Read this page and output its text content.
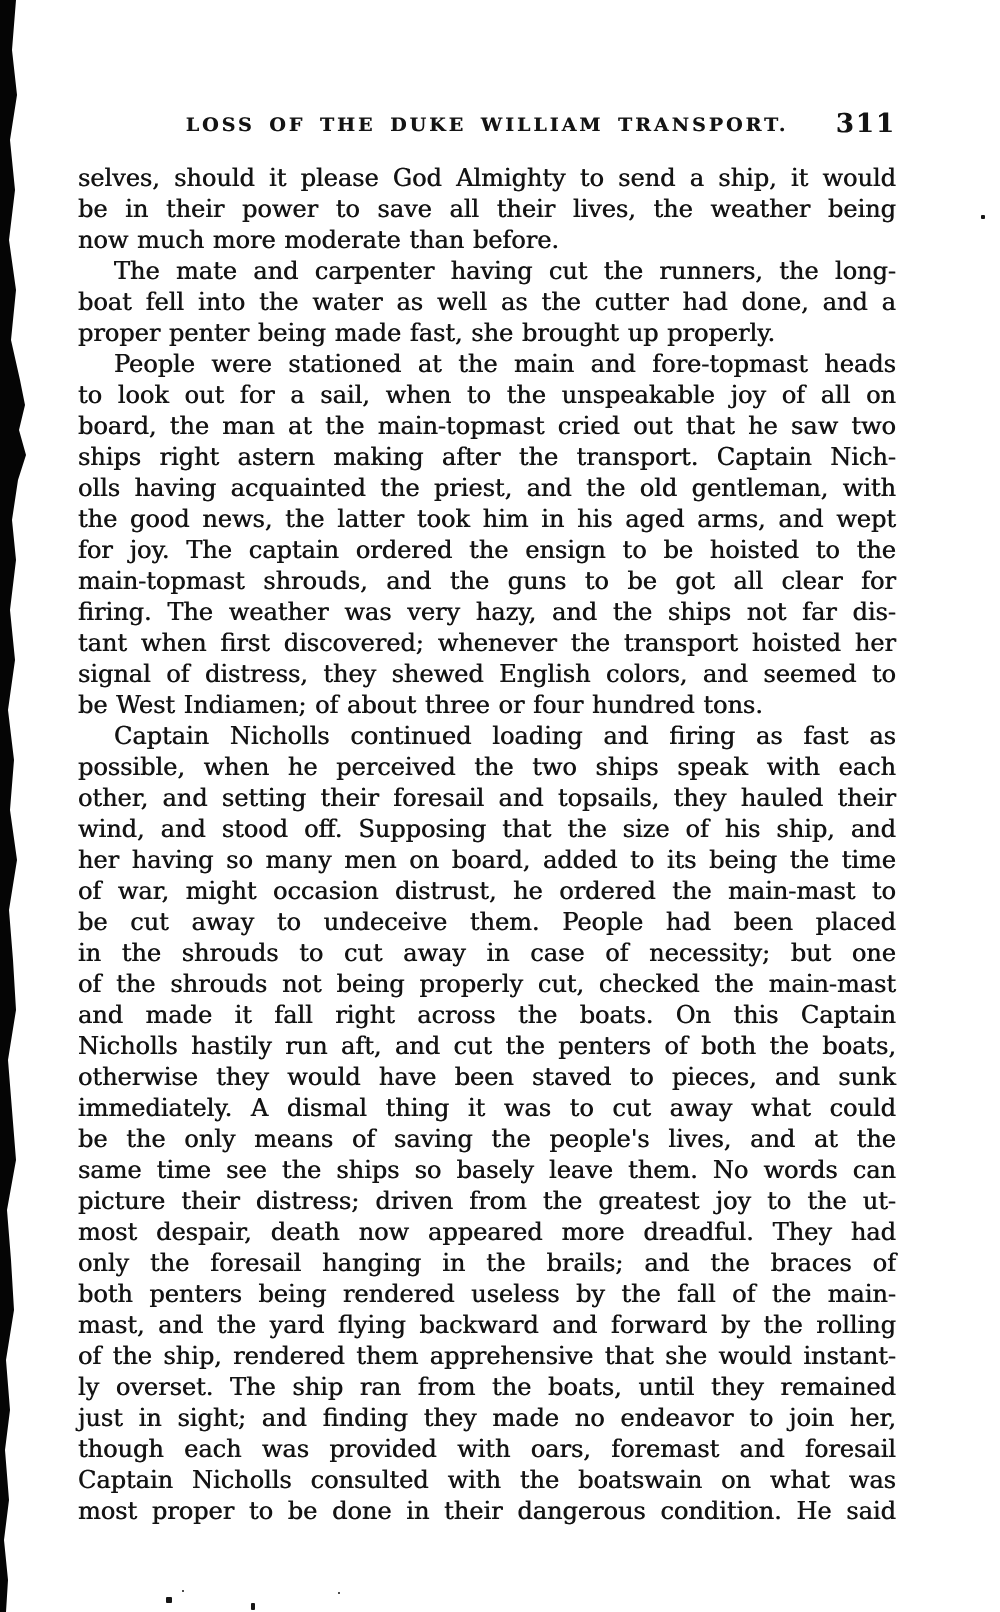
LOSS OF THE DUKE WILLIAM TRANSPORT. 311

selves, should it please God Almighty to send a ship, it would
be in their power to save all their lives, the weather being
now much more moderate than before.

The mate and carpenter having cut the runners, the long-
boat fell into the water as well as the cutter had done, and a
proper penter being made fast, she brought up properly.

People were stationed at the main and fore-topmast heads
to look out for a sail, when to the unspeakable joy of all on
board, the man at the main-topmast cried out that he saw two
ships right astern making after the transport. Captain Nich-
olls having acquainted the priest, and the old gentleman, with
the good news, the latter took him in his aged arms, and wept
for joy. The captain ordered the ensign to be hoisted to the
main-topmast shrouds, and the guns to be got all clear for
firing. The weather was very hazy, and the ships not far dis-
tant when first discovered; whenever the transport hoisted her
signal of distress, they shewed English colors, and seemed to
be West Indiamen; of about three or four hundred tons.

Captain Nicholls continued loading and firing as fast as
possible, when he perceived the two ships speak with each
other, and setting their foresail and topsails, they hauled their
wind, and stood off. Supposing that the size of his ship, and
her having so many men on board, added to its being the time
of war, might occasion distrust, he ordered the main-mast to
be cut away to undeceive them. People had been placed
in the shrouds to cut away in case of necessity; but one
of the shrouds not being properly cut, checked the main-mast
and made it fall right across the boats. On this Captain
Nicholls hastily run aft, and cut the penters of both the boats,
otherwise they would have been staved to pieces, and sunk
immediately. A dismal thing it was to cut away what could
be the only means of saving the people's lives, and at the
same time see the ships so basely leave them. No words can
picture their distress; driven from the greatest joy to the ut-
most despair, death now appeared more dreadful. They had
only the foresail hanging in the brails; and the braces of
both penters being rendered useless by the fall of the main-
mast, and the yard flying backward and forward by the rolling
of the ship, rendered them apprehensive that she would instant-
ly overset. The ship ran from the boats, until they remained
just in sight; and finding they made no endeavor to join her,
though each was provided with oars, foremast and foresail
Captain Nicholls consulted with the boatswain on what was
most proper to be done in their dangerous condition. He said
